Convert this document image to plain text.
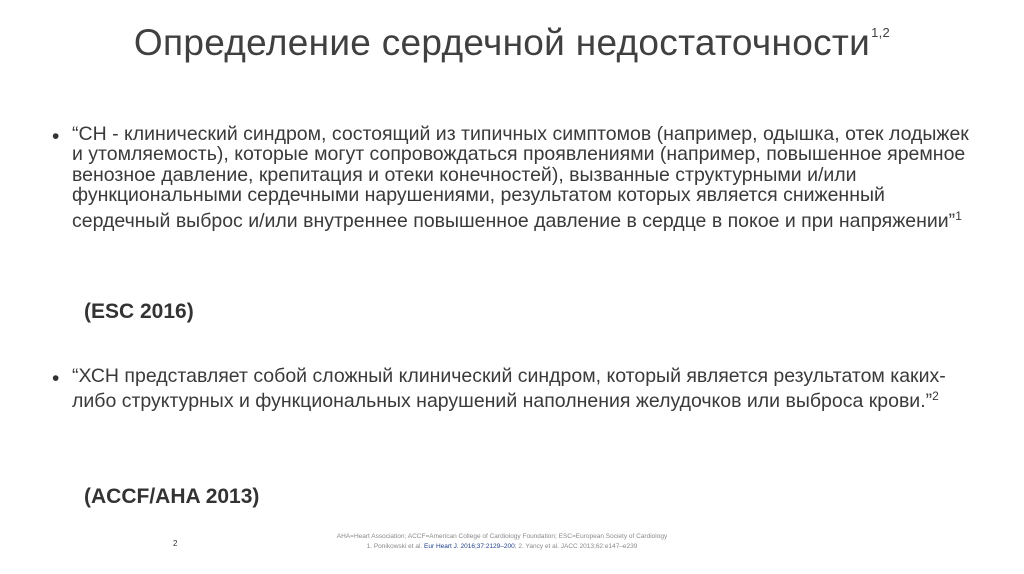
Определение сердечной недостаточности$^{1,2}$
• “СН - клинический синдром, состоящий из типичных симптомов (например, одышка, отек лодыжек и утомляемость), которые могут сопровождаться проявлениями (например, повышенное яремное венозное давление, крепитация и отеки конечностей), вызванные структурными и/или функциональными сердечными нарушениями, результатом которых является сниженный сердечный выброс и/или внутреннее повышенное давление в сердце в покое и при напряжении”$^1$
(ESC 2016)
• “ХСН представляет собой сложный клинический синдром, который является результатом каких-либо структурных и функциональных нарушений наполнения желудочков или выброса крови.”$^2$
(ACCF/AHA 2013)
2
AHA=Heart Association; ACCF=American College of Cardiology Foundation; ESC=European Society of Cardiology
1. Ponikowski et al. Eur Heart J. 2016;37:2129–200; 2. Yancy et al. JACC 2013;62:e147–e239
